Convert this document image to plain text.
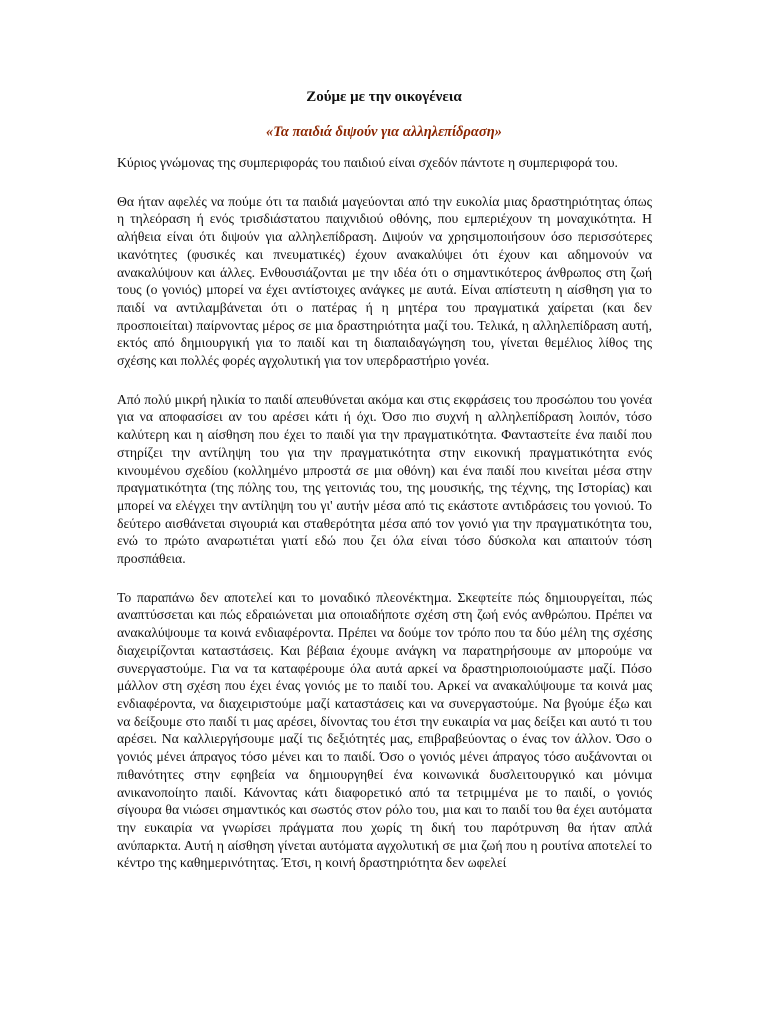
Ζούμε με την οικογένεια
«Τα παιδιά διψούν για αλληλεπίδραση»

Κύριος γνώμονας της συμπεριφοράς του παιδιού είναι σχεδόν πάντοτε η συμπεριφορά του.

Θα ήταν αφελές να πούμε ότι τα παιδιά μαγεύονται από την ευκολία μιας δραστηριότητας όπως η τηλεόραση ή ενός τρισδιάστατου παιχνιδιού οθόνης, που εμπεριέχουν τη μοναχικότητα. Η αλήθεια είναι ότι διψούν για αλληλεπίδραση. Διψούν να χρησιμοποιήσουν όσο περισσότερες ικανότητες (φυσικές και πνευματικές) έχουν ανακαλύψει ότι έχουν και αδημονούν να ανακαλύψουν και άλλες. Ενθουσιάζονται με την ιδέα ότι ο σημαντικότερος άνθρωπος στη ζωή τους (ο γονιός) μπορεί να έχει αντίστοιχες ανάγκες με αυτά. Είναι απίστευτη η αίσθηση για το παιδί να αντιλαμβάνεται ότι ο πατέρας ή η μητέρα του πραγματικά χαίρεται (και δεν προσποιείται) παίρνοντας μέρος σε μια δραστηριότητα μαζί του. Τελικά, η αλληλεπίδραση αυτή, εκτός από δημιουργική για το παιδί και τη διαπαιδαγώγηση του, γίνεται θεμέλιος λίθος της σχέσης και πολλές φορές αγχολυτική για τον υπερδραστήριο γονέα.

Από πολύ μικρή ηλικία το παιδί απευθύνεται ακόμα και στις εκφράσεις του προσώπου του γονέα για να αποφασίσει αν του αρέσει κάτι ή όχι. Όσο πιο συχνή η αλληλεπίδραση λοιπόν, τόσο καλύτερη και η αίσθηση που έχει το παιδί για την πραγματικότητα. Φανταστείτε ένα παιδί που στηρίζει την αντίληψη του για την πραγματικότητα στην εικονική πραγματικότητα ενός κινουμένου σχεδίου (κολλημένο μπροστά σε μια οθόνη) και ένα παιδί που κινείται μέσα στην πραγματικότητα (της πόλης του, της γειτονιάς του, της μουσικής, της τέχνης, της Ιστορίας) και μπορεί να ελέγχει την αντίληψη του γι' αυτήν μέσα από τις εκάστοτε αντιδράσεις του γονιού. Το δεύτερο αισθάνεται σιγουριά και σταθερότητα μέσα από τον γονιό για την πραγματικότητα του, ενώ το πρώτο αναρωτιέται γιατί εδώ που ζει όλα είναι τόσο δύσκολα και απαιτούν τόση προσπάθεια.

Το παραπάνω δεν αποτελεί και το μοναδικό πλεονέκτημα. Σκεφτείτε πώς δημιουργείται, πώς αναπτύσσεται και πώς εδραιώνεται μια οποιαδήποτε σχέση στη ζωή ενός ανθρώπου. Πρέπει να ανακαλύψουμε τα κοινά ενδιαφέροντα. Πρέπει να δούμε τον τρόπο που τα δύο μέλη της σχέσης διαχειρίζονται καταστάσεις. Και βέβαια έχουμε ανάγκη να παρατηρήσουμε αν μπορούμε να συνεργαστούμε. Για να τα καταφέρουμε όλα αυτά αρκεί να δραστηριοποιούμαστε μαζί. Πόσο μάλλον στη σχέση που έχει ένας γονιός με το παιδί του. Αρκεί να ανακαλύψουμε τα κοινά μας ενδιαφέροντα, να διαχειριστούμε μαζί καταστάσεις και να συνεργαστούμε. Να βγούμε έξω και να δείξουμε στο παιδί τι μας αρέσει, δίνοντας του έτσι την ευκαιρία να μας δείξει και αυτό τι του αρέσει. Να καλλιεργήσουμε μαζί τις δεξιότητές μας, επιβραβεύοντας ο ένας τον άλλον. Όσο ο γονιός μένει άπραγος τόσο μένει και το παιδί. Όσο ο γονιός μένει άπραγος τόσο αυξάνονται οι πιθανότητες στην εφηβεία να δημιουργηθεί ένα κοινωνικά δυσλειτουργικό και μόνιμα ανικανοποίητο παιδί. Κάνοντας κάτι διαφορετικό από τα τετριμμένα με το παιδί, ο γονιός σίγουρα θα νιώσει σημαντικός και σωστός στον ρόλο του, μια και το παιδί του θα έχει αυτόματα την ευκαιρία να γνωρίσει πράγματα που χωρίς τη δική του παρότρυνση θα ήταν απλά ανύπαρκτα. Αυτή η αίσθηση γίνεται αυτόματα αγχολυτική σε μια ζωή που η ρουτίνα αποτελεί το κέντρο της καθημερινότητας. Έτσι, η κοινή δραστηριότητα δεν ωφελεί
